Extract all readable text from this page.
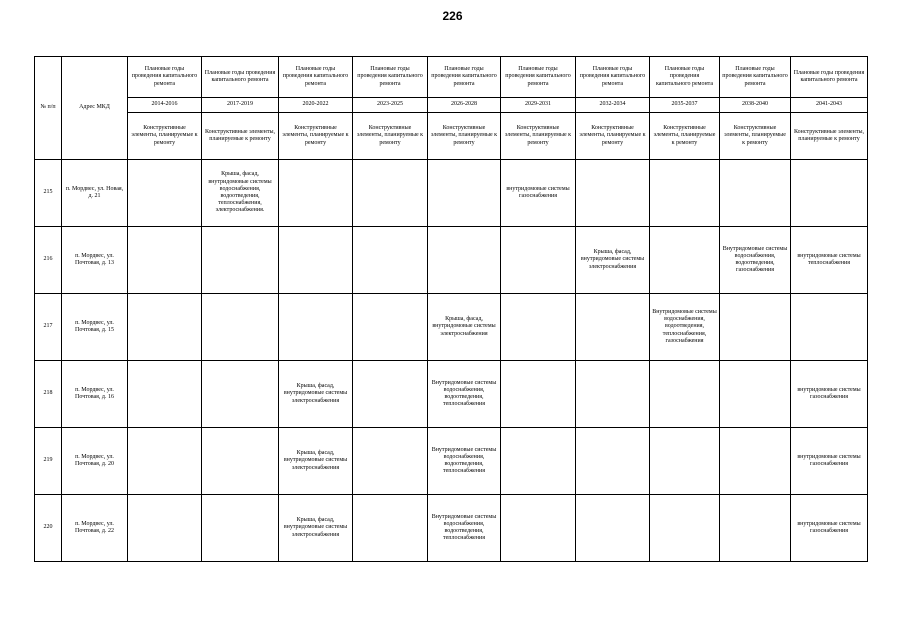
226
№ п/п	Адрес МКД	Плановые годы проведения капитального ремонта	Плановые годы проведения капитального ремонта	Плановые годы проведения капитального ремонта	Плановые годы проведения капитального ремонта	Плановые годы проведения капитального ремонта	Плановые годы проведения капитального ремонта	Плановые годы проведения капитального ремонта	Плановые годы проведения капитального ремонта	Плановые годы проведения капитального ремонта	Плановые годы проведения капитального ремонта
		2014-2016	2017-2019	2020-2022	2023-2025	2026-2028	2029-2031	2032-2034	2035-2037	2038-2040	2041-2043
		Конструктивные элементы, планируемые к ремонту	Конструктивные элементы, планируемые к ремонту	Конструктивные элементы, планируемые к ремонту	Конструктивные элементы, планируемые к ремонту	Конструктивные элементы, планируемые к ремонту	Конструктивные элементы, планируемые к ремонту	Конструктивные элементы, планируемые к ремонту	Конструктивные элементы, планируемые к ремонту	Конструктивные элементы, планируемые к ремонту	Конструктивные элементы, планируемые к ремонту
215	п. Мордвес, ул. Новая, д. 21		Крыша, фасад, внутридомовые системы водоснабжения, водоотведения, теплоснабжения, электроснабжения.				внутридомовые системы газоснабжения				
216	п. Мордвес, ул. Почтовая, д. 13							Крыша, фасад, внутридомовые системы электроснабжения		Внутридомовые системы водоснабжения, водоотведения, газоснабжения	внутридомовые системы теплоснабжения
217	п. Мордвес, ул. Почтовая, д. 15					Крыша, фасад, внутридомовые системы электроснабжения			Внутридомовые системы водоснабжения, водоотведения, теплоснабжения, газоснабжения		
218	п. Мордвес, ул. Почтовая, д. 16			Крыша, фасад, внутридомовые системы электроснабжения		Внутридомовые системы водоснабжения, водоотведения, теплоснабжения					внутридомовые системы газоснабжения
219	п. Мордвес, ул. Почтовая, д. 20			Крыша, фасад, внутридомовые системы электроснабжения		Внутридомовые системы водоснабжения, водоотведения, теплоснабжения					внутридомовые системы газоснабжения
220	п. Мордвес, ул. Почтовая, д. 22			Крыша, фасад, внутридомовые системы электроснабжения		Внутридомовые системы водоснабжения, водоотведения, теплоснабжения					внутридомовые системы газоснабжения
